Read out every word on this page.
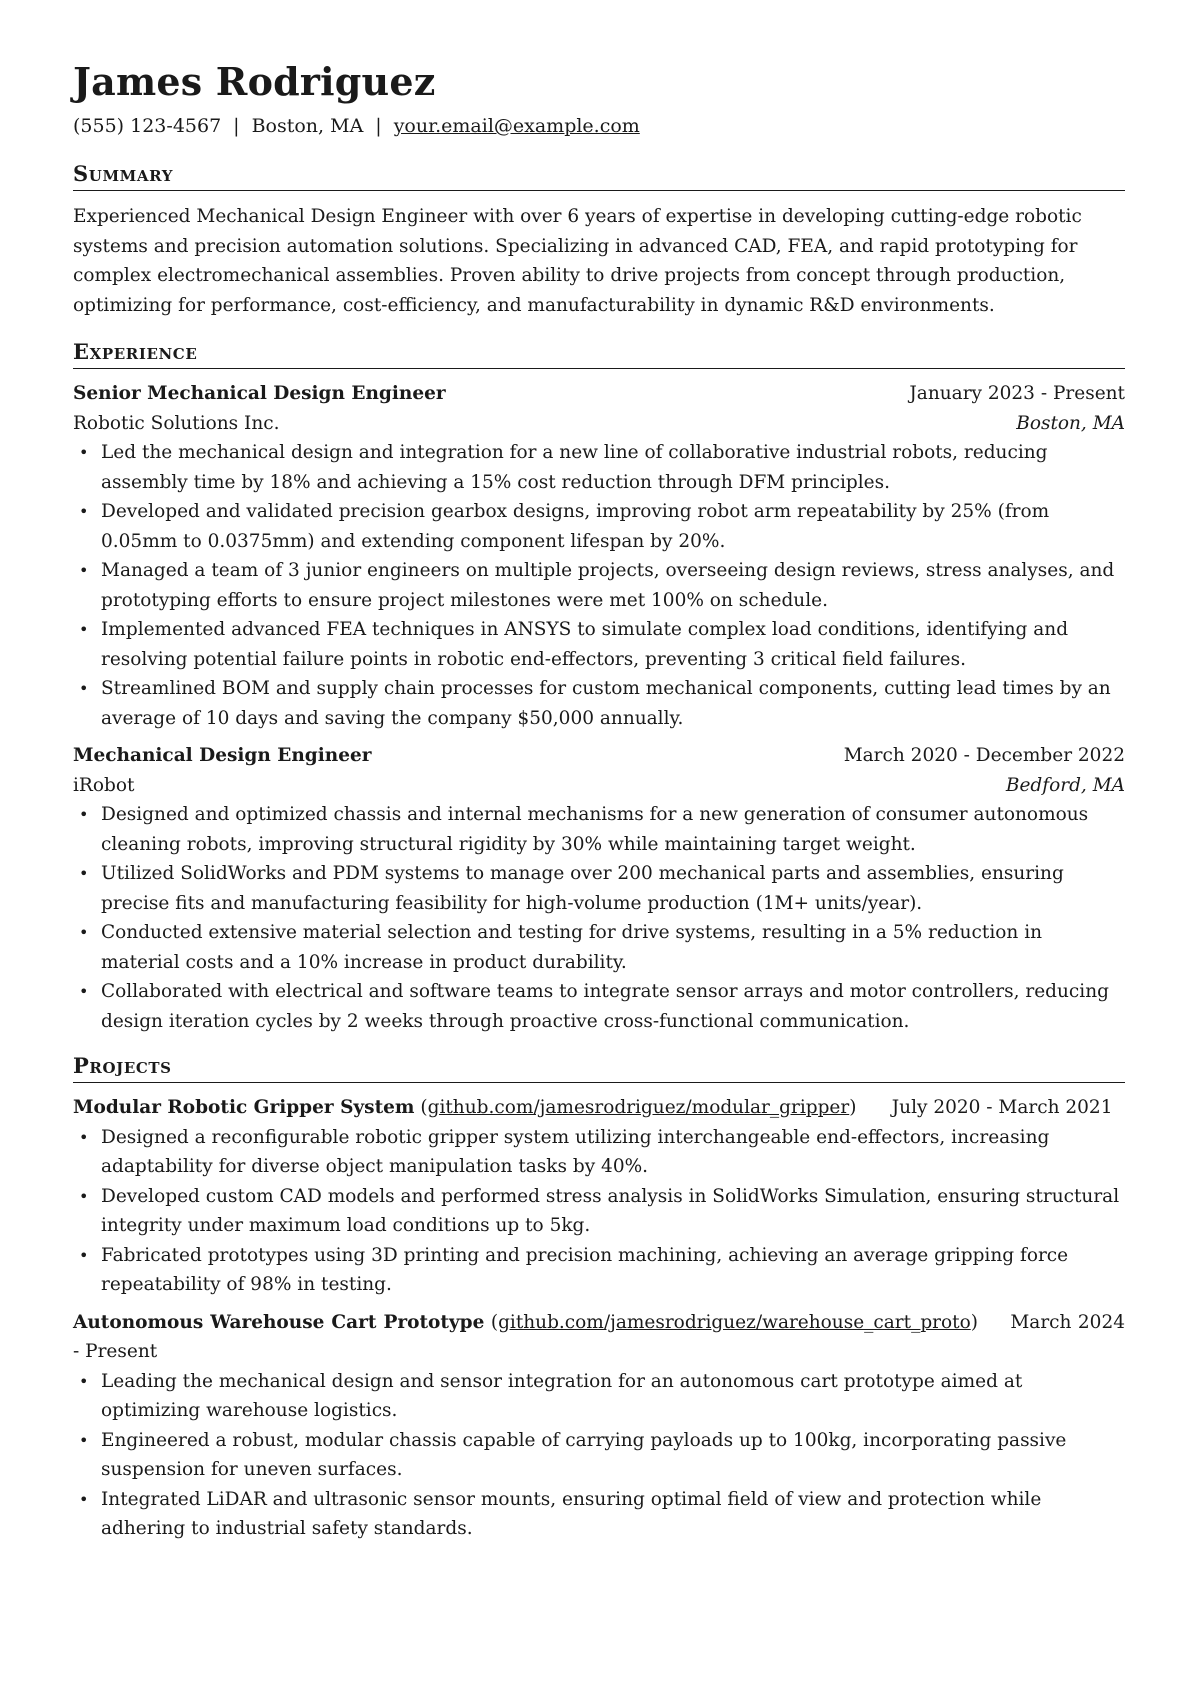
James Rodriguez
(555) 123-4567 | Boston, MA | your.email@example.com
Summary
Experienced Mechanical Design Engineer with over 6 years of expertise in developing cutting-edge robotic systems and precision automation solutions. Specializing in advanced CAD, FEA, and rapid prototyping for complex electromechanical assemblies. Proven ability to drive projects from concept through production, optimizing for performance, cost-efficiency, and manufacturability in dynamic R&D environments.
Experience
Senior Mechanical Design Engineer	January 2023 - Present
Robotic Solutions Inc.	Boston, MA
• Led the mechanical design and integration for a new line of collaborative industrial robots, reducing assembly time by 18% and achieving a 15% cost reduction through DFM principles.
• Developed and validated precision gearbox designs, improving robot arm repeatability by 25% (from 0.05mm to 0.0375mm) and extending component lifespan by 20%.
• Managed a team of 3 junior engineers on multiple projects, overseeing design reviews, stress analyses, and prototyping efforts to ensure project milestones were met 100% on schedule.
• Implemented advanced FEA techniques in ANSYS to simulate complex load conditions, identifying and resolving potential failure points in robotic end-effectors, preventing 3 critical field failures.
• Streamlined BOM and supply chain processes for custom mechanical components, cutting lead times by an average of 10 days and saving the company $50,000 annually.
Mechanical Design Engineer	March 2020 - December 2022
iRobot	Bedford, MA
• Designed and optimized chassis and internal mechanisms for a new generation of consumer autonomous cleaning robots, improving structural rigidity by 30% while maintaining target weight.
• Utilized SolidWorks and PDM systems to manage over 200 mechanical parts and assemblies, ensuring precise fits and manufacturing feasibility for high-volume production (1M+ units/year).
• Conducted extensive material selection and testing for drive systems, resulting in a 5% reduction in material costs and a 10% increase in product durability.
• Collaborated with electrical and software teams to integrate sensor arrays and motor controllers, reducing design iteration cycles by 2 weeks through proactive cross-functional communication.
Projects
Modular Robotic Gripper System (github.com/jamesrodriguez/modular_gripper)      July 2020 - March 2021
• Designed a reconfigurable robotic gripper system utilizing interchangeable end-effectors, increasing adaptability for diverse object manipulation tasks by 40%.
• Developed custom CAD models and performed stress analysis in SolidWorks Simulation, ensuring structural integrity under maximum load conditions up to 5kg.
• Fabricated prototypes using 3D printing and precision machining, achieving an average gripping force repeatability of 98% in testing.
Autonomous Warehouse Cart Prototype (github.com/jamesrodriguez/warehouse_cart_proto)     March 2024 - Present
• Leading the mechanical design and sensor integration for an autonomous cart prototype aimed at optimizing warehouse logistics.
• Engineered a robust, modular chassis capable of carrying payloads up to 100kg, incorporating passive suspension for uneven surfaces.
• Integrated LiDAR and ultrasonic sensor mounts, ensuring optimal field of view and protection while adhering to industrial safety standards.
